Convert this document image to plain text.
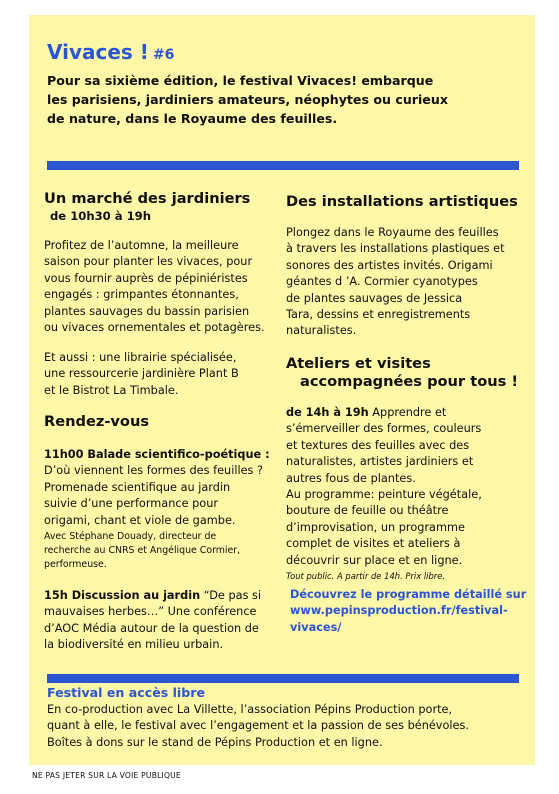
Vivaces ! #6

Pour sa sixième édition, le festival Vivaces! embarque
les parisiens, jardiniers amateurs, néophytes ou curieux
de nature, dans le Royaume des feuilles.

Un marché des jardiniers

de 10h30 à 19h

Profitez de l’automne, la meilleure
saison pour planter les vivaces, pour
vous fournir auprès de pépiniéristes
engagés : grimpantes étonnantes,
plantes sauvages du bassin parisien
ou vivaces ornementales et potagères.

Et aussi : une librairie spécialisée,
une ressourcerie jardinière Plant B
et le Bistrot La Timbale.

Rendez-vous

11h00 Balade scientifico-poétique :

D’où viennent les formes des feuilles ?
Promenade scientifique au jardin
suivie d’une performance pour
origami, chant et viole de gambe.

Avec Stéphane Douady, directeur de
recherche au CNRS et Angélique Cormier,
performeuse.

15h Discussion au jardin “De pas si
mauvaises herbes…” Une conférence
d’AOC Média autour de la question de
la biodiversité en milieu urbain.

Des installations artistiques

Plongez dans le Royaume des feuilles
à travers les installations plastiques et
sonores des artistes invités. Origami
géantes d ’A. Cormier cyanotypes
de plantes sauvages de Jessica
Tara, dessins et enregistrements
naturalistes.

Ateliers et visites
accompagnées pour tous !

de 14h à 19h Apprendre et
s’émerveiller des formes, couleurs
et textures des feuilles avec des
naturalistes, artistes jardiniers et
autres fous de plantes.
Au programme: peinture végétale,
bouture de feuille ou théâtre
d’improvisation, un programme
complet de visites et ateliers à
découvrir sur place et en ligne.

Tout public. A partir de 14h. Prix libre.

Découvrez le programme détaillé sur
www.pepinsproduction.fr/festival-
vivaces/

Festival en accès libre

En co-production avec La Villette, l’association Pépins Production porte,
quant à elle, le festival avec l’engagement et la passion de ses bénévoles.
Boîtes à dons sur le stand de Pépins Production et en ligne.

NE PAS JETER SUR LA VOIE PUBLIQUE
